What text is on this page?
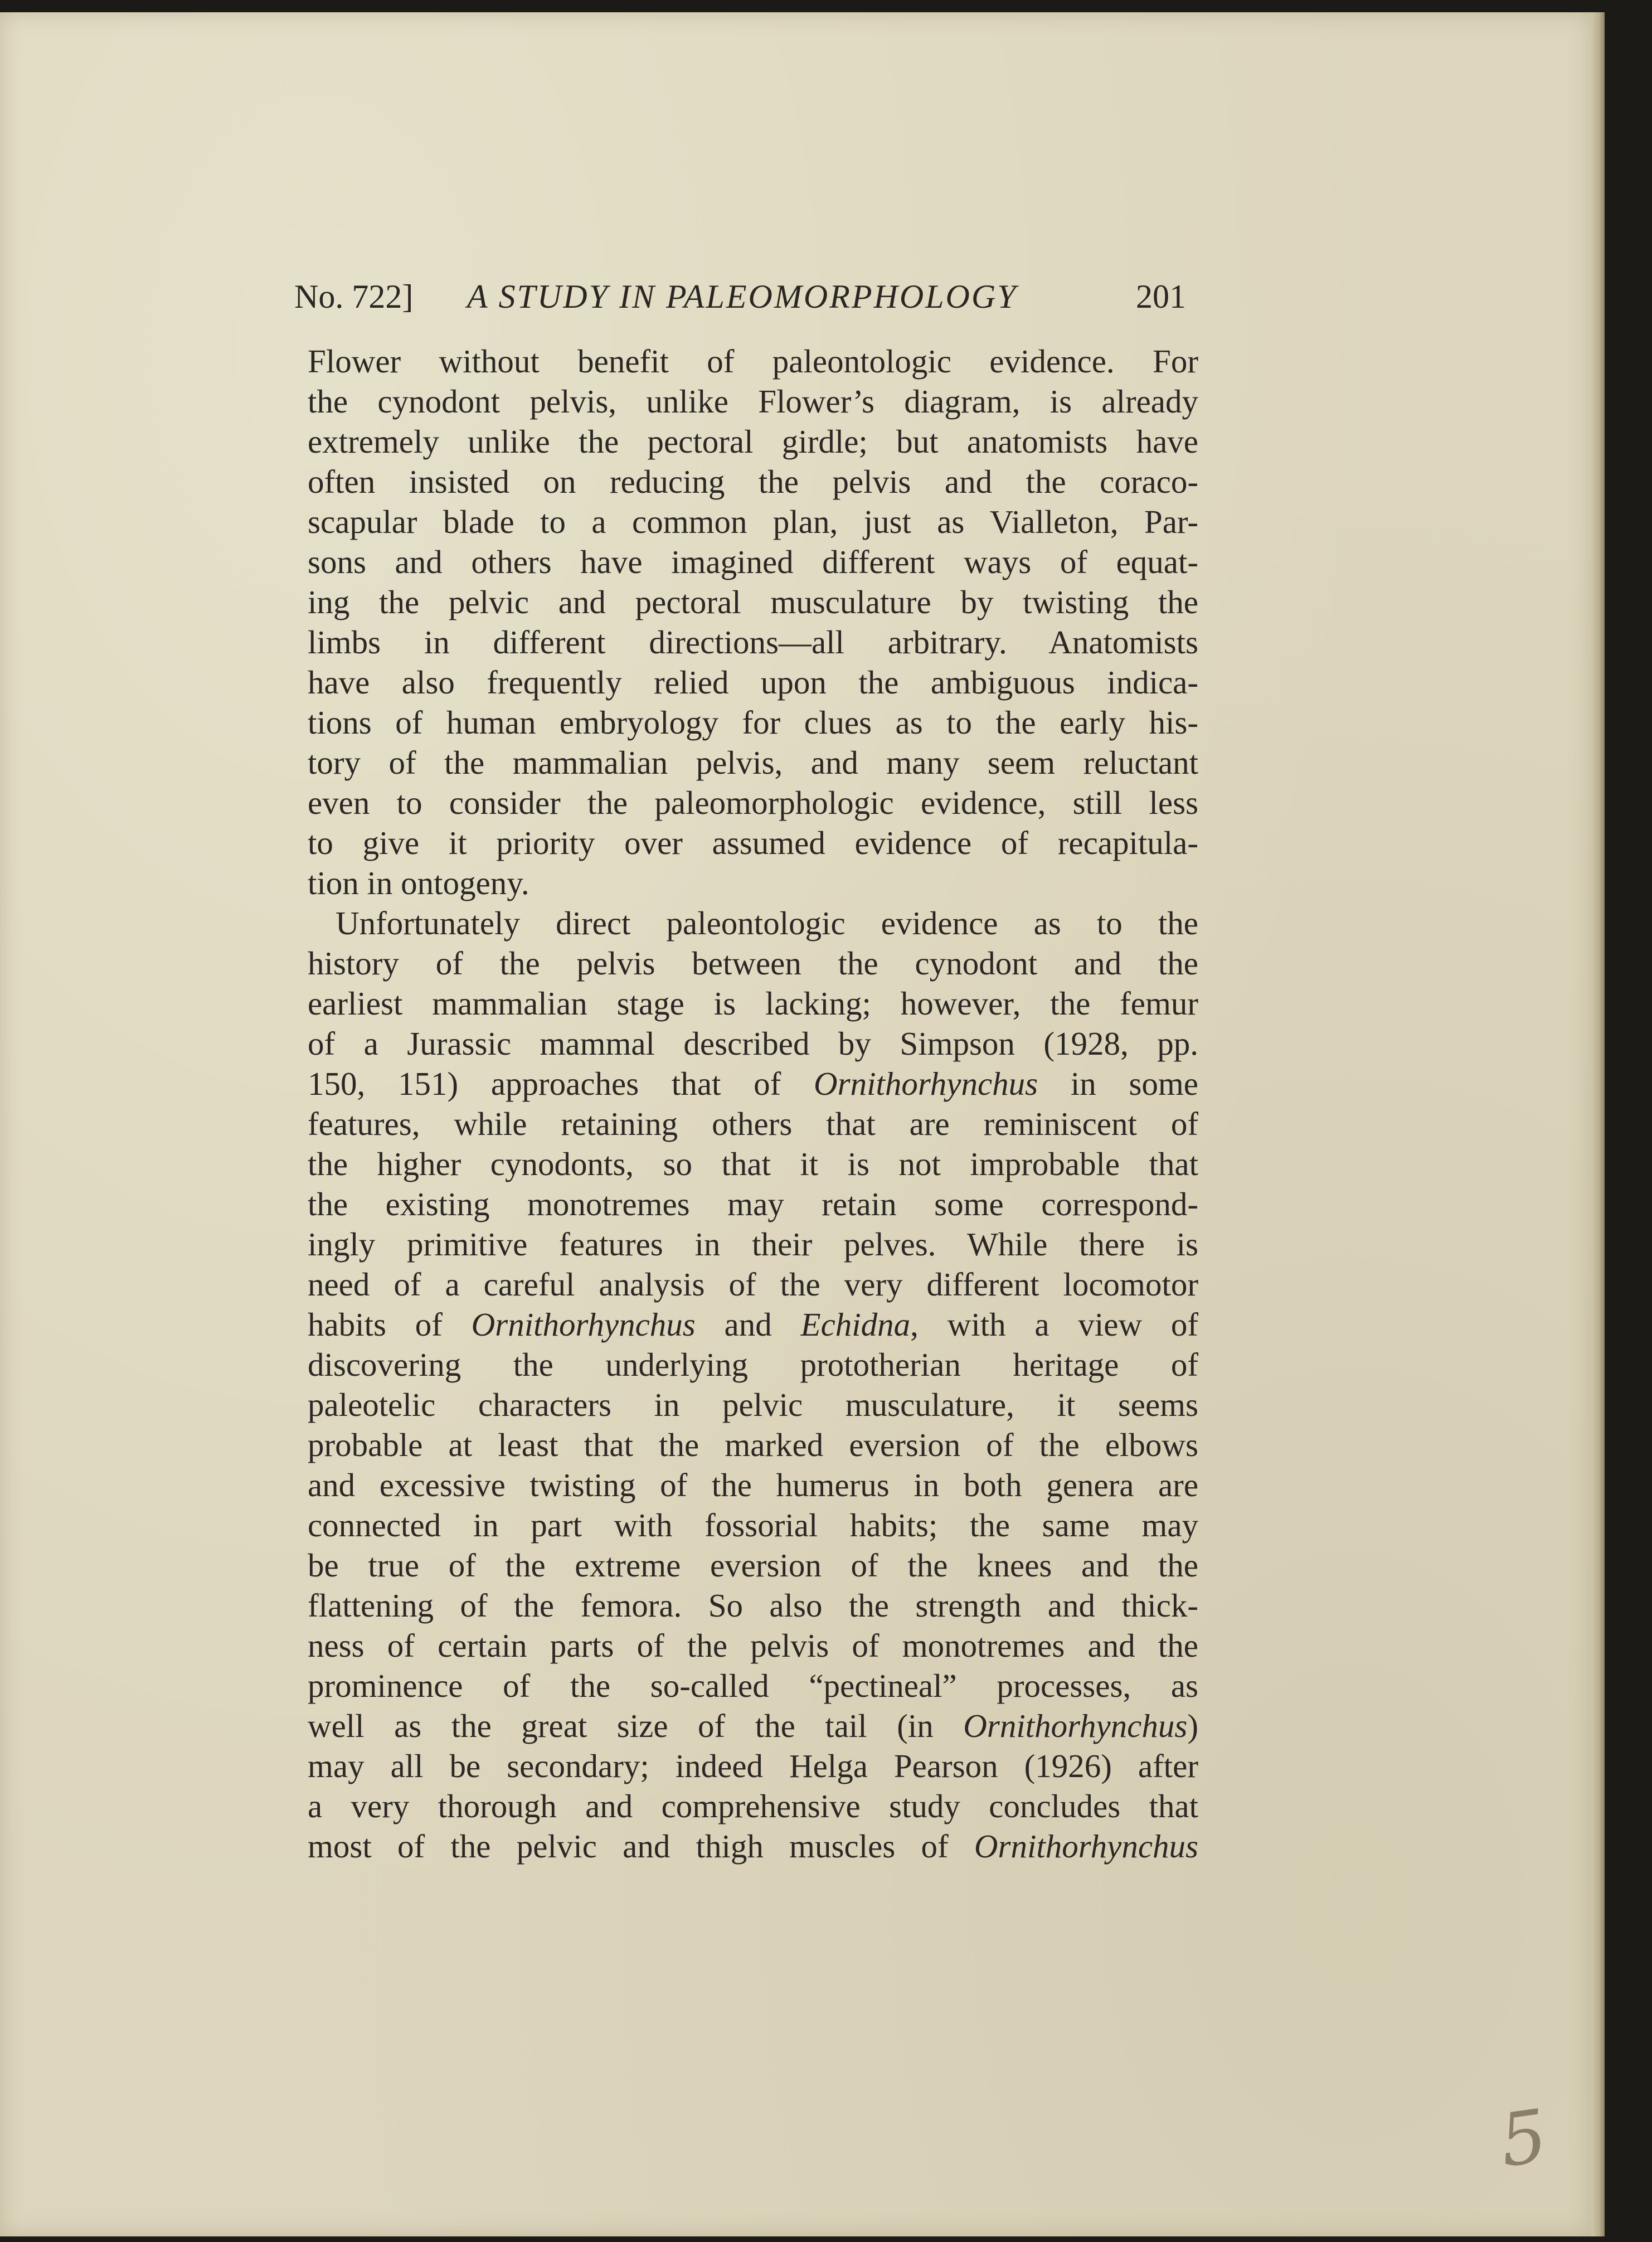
No. 722] A STUDY IN PALEOMORPHOLOGY	201
Flower without benefit of paleontologic evidence. For
the cynodont pelvis, unlike Flower’s diagram, is already
extremely unlike the pectoral girdle; but anatomists have
often insisted on reducing the pelvis and the coraco-
scapular blade to a common plan, just as Vialleton, Par-
sons and others have imagined different ways of equat-
ing the pelvic and pectoral musculature by twisting the
limbs in different directions—all arbitrary. Anatomists
have also frequently relied upon the ambiguous indica-
tions of human embryology for clues as to the early his-
tory of the mammalian pelvis, and many seem reluctant
even to consider the paleomorphologic evidence, still less
to give it priority over assumed evidence of recapitula-
tion in ontogeny.
Unfortunately direct paleontologic evidence as to the
history of the pelvis between the cynodont and the
earliest mammalian stage is lacking; however, the femur
of a Jurassic mammal described by Simpson (1928, pp.
150, 151) approaches that of Ornithorhynchus in some
features, while retaining others that are reminiscent of
the higher cynodonts, so that it is not improbable that
the existing monotremes may retain some correspond-
ingly primitive features in their pelves. While there is
need of a careful analysis of the very different locomotor
habits of Ornithorhynchus and Echidna, with a view of
discovering the underlying prototherian heritage of
paleotelic characters in pelvic musculature, it seems
probable at least that the marked eversion of the elbows
and excessive twisting of the humerus in both genera are
connected in part with fossorial habits; the same may
be true of the extreme eversion of the knees and the
flattening of the femora. So also the strength and thick-
ness of certain parts of the pelvis of monotremes and the
prominence of the so-called “pectineal” processes, as
well as the great size of the tail (in Ornithorhynchus)
may all be secondary; indeed Helga Pearson (1926) after
a very thorough and comprehensive study concludes that
most of the pelvic and thigh muscles of Ornithorhynchus
5
